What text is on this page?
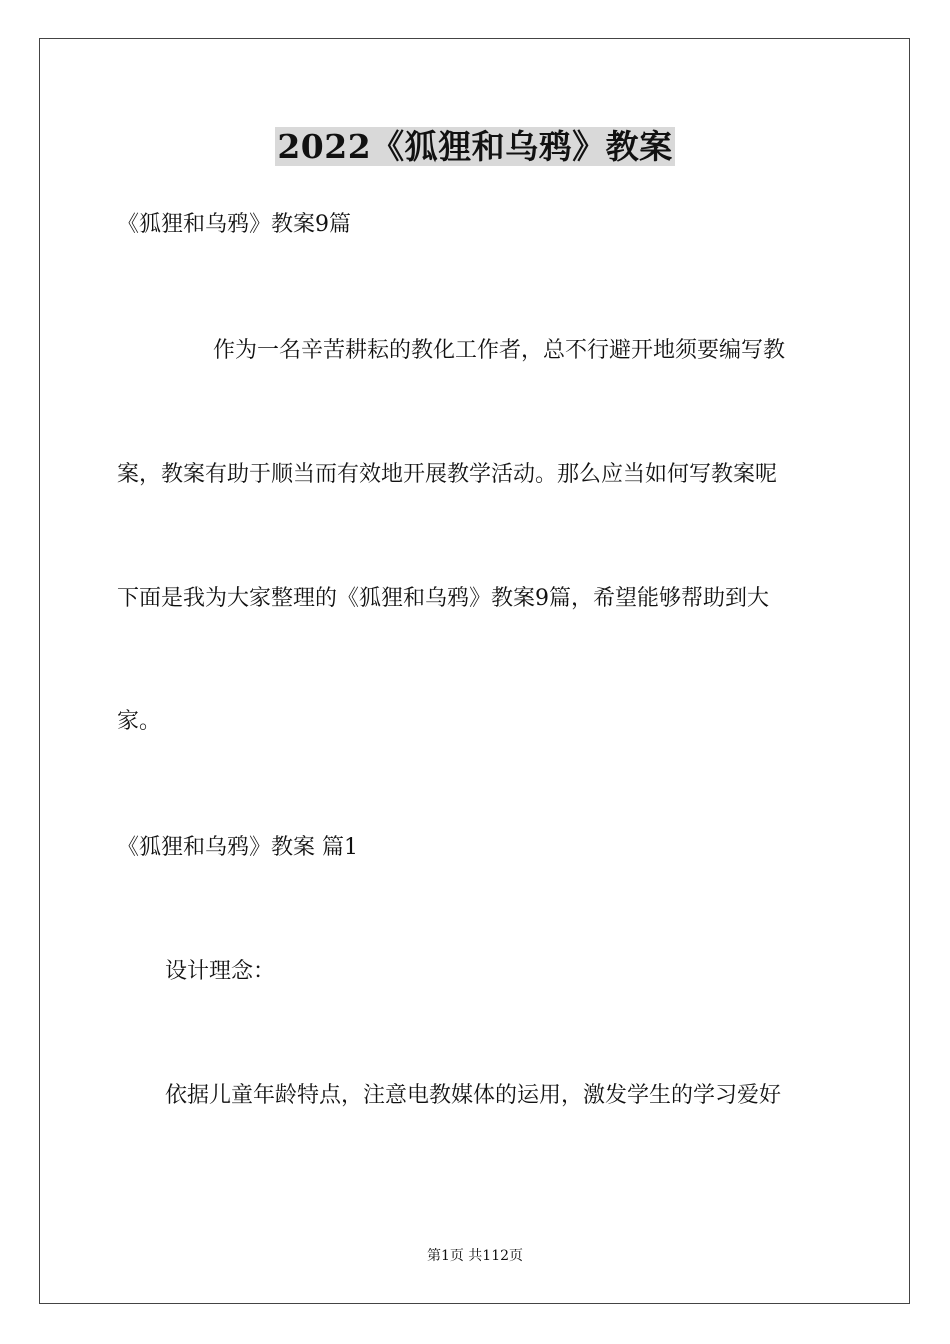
2022《狐狸和乌鸦》教案
《狐狸和乌鸦》教案9篇
作为一名辛苦耕耘的教化工作者，总不行避开地须要编写教
案，教案有助于顺当而有效地开展教学活动。那么应当如何写教案呢
下面是我为大家整理的《狐狸和乌鸦》教案9篇，希望能够帮助到大
家。
《狐狸和乌鸦》教案 篇1
设计理念：
依据儿童年龄特点，注意电教媒体的运用，激发学生的学习爱好
第1页 共112页
